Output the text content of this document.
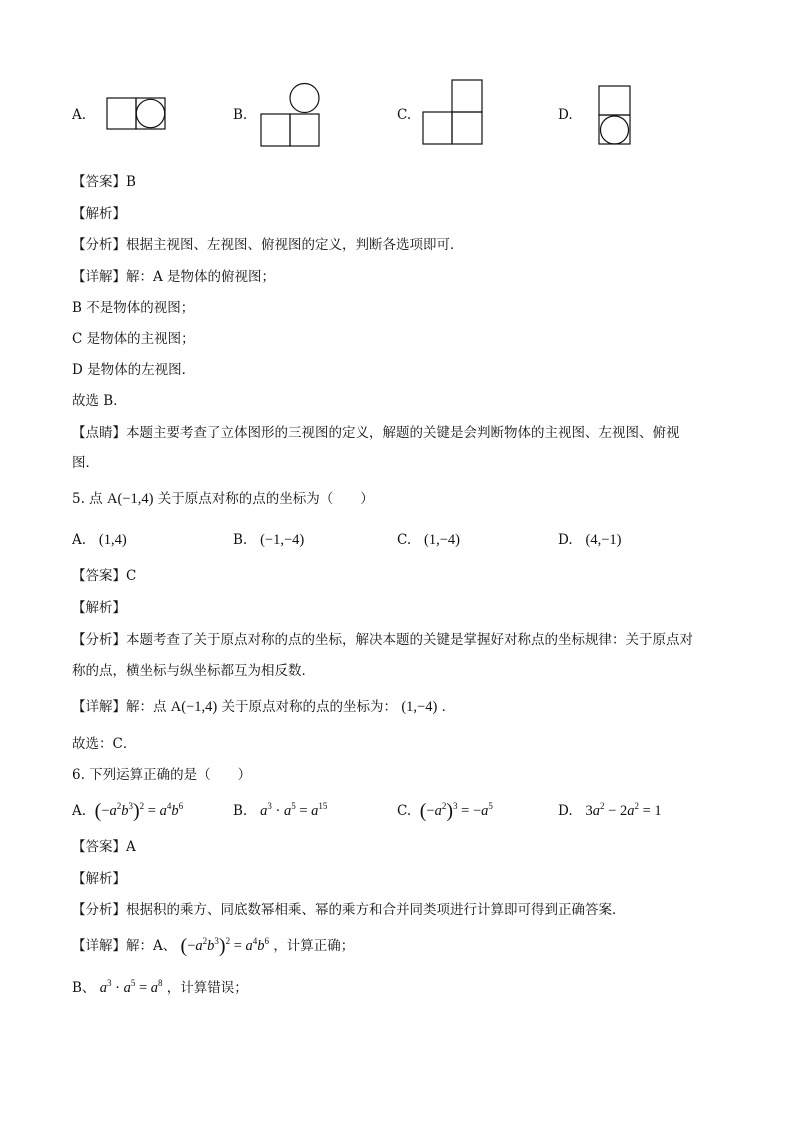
A.	B.	C.	D.
【答案】B
【解析】
【分析】根据主视图、左视图、俯视图的定义，判断各选项即可．
【详解】解：A 是物体的俯视图；
B 不是物体的视图；
C 是物体的主视图；
D 是物体的左视图．
故选 B．
【点睛】本题主要考查了立体图形的三视图的定义，解题的关键是会判断物体的主视图、左视图、俯视
图．
5. 点 A(−1,4) 关于原点对称的点的坐标为（　　）
A. (1,4)	B. (−1,−4)	C. (1,−4)	D. (4,−1)
【答案】C
【解析】
【分析】本题考查了关于原点对称的点的坐标，解决本题的关键是掌握好对称点的坐标规律：关于原点对
称的点，横坐标与纵坐标都互为相反数．
【详解】解：点 A(−1,4) 关于原点对称的点的坐标为： (1,−4) ．
故选：C．
6. 下列运算正确的是（　　）
A. $(-a^2b^3)^2 = a^4b^6$	B. $a^3 \cdot a^5 = a^{15}$	C. $(-a^2)^3 = -a^5$	D. $3a^2 - 2a^2 = 1$
【答案】A
【解析】
【分析】根据积的乘方、同底数幂相乘、幂的乘方和合并同类项进行计算即可得到正确答案．
【详解】解：A、 $(-a^2b^3)^2 = a^4b^6$ ，计算正确；
B、 $a^3 \cdot a^5 = a^8$ ，计算错误；
